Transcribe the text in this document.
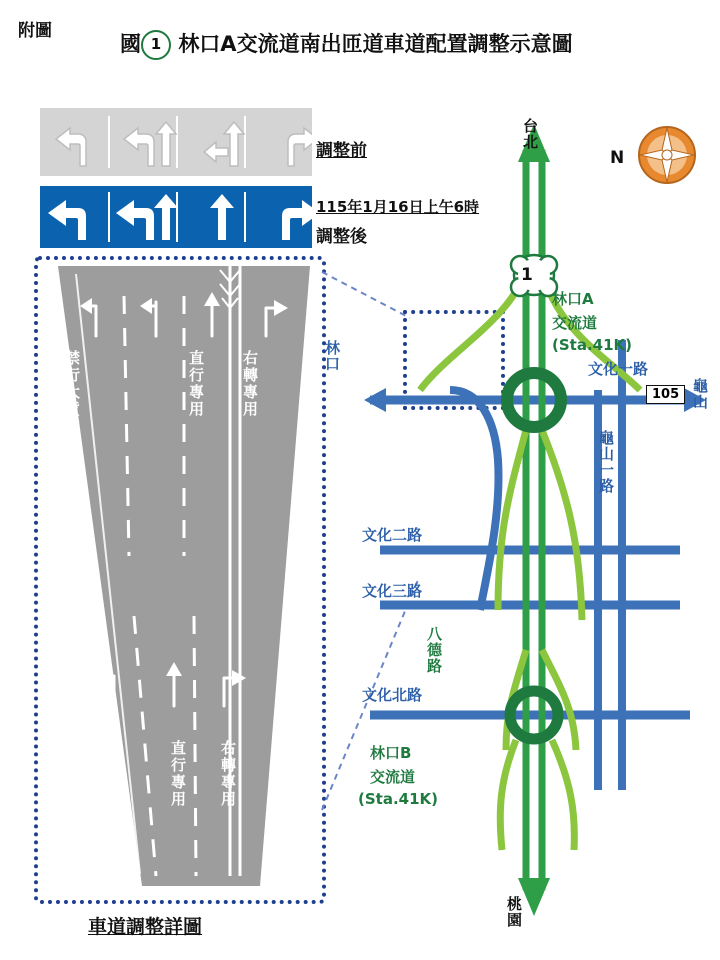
附圖
國 1 林口A交流道南出匝道車道配置調整示意圖
調整前
115年1月16日上午6時
調整後
禁行大貨車	直行專用 右轉專用
直行專用 右轉專用
車道調整詳圖
1
台北
桃園
林口A
交流道
(Sta.41K)
林口B
交流道
(Sta.41K)
林口
龜山
文化一路
龜山一路
文化二路
文化三路
八德路
文化北路
105
N
